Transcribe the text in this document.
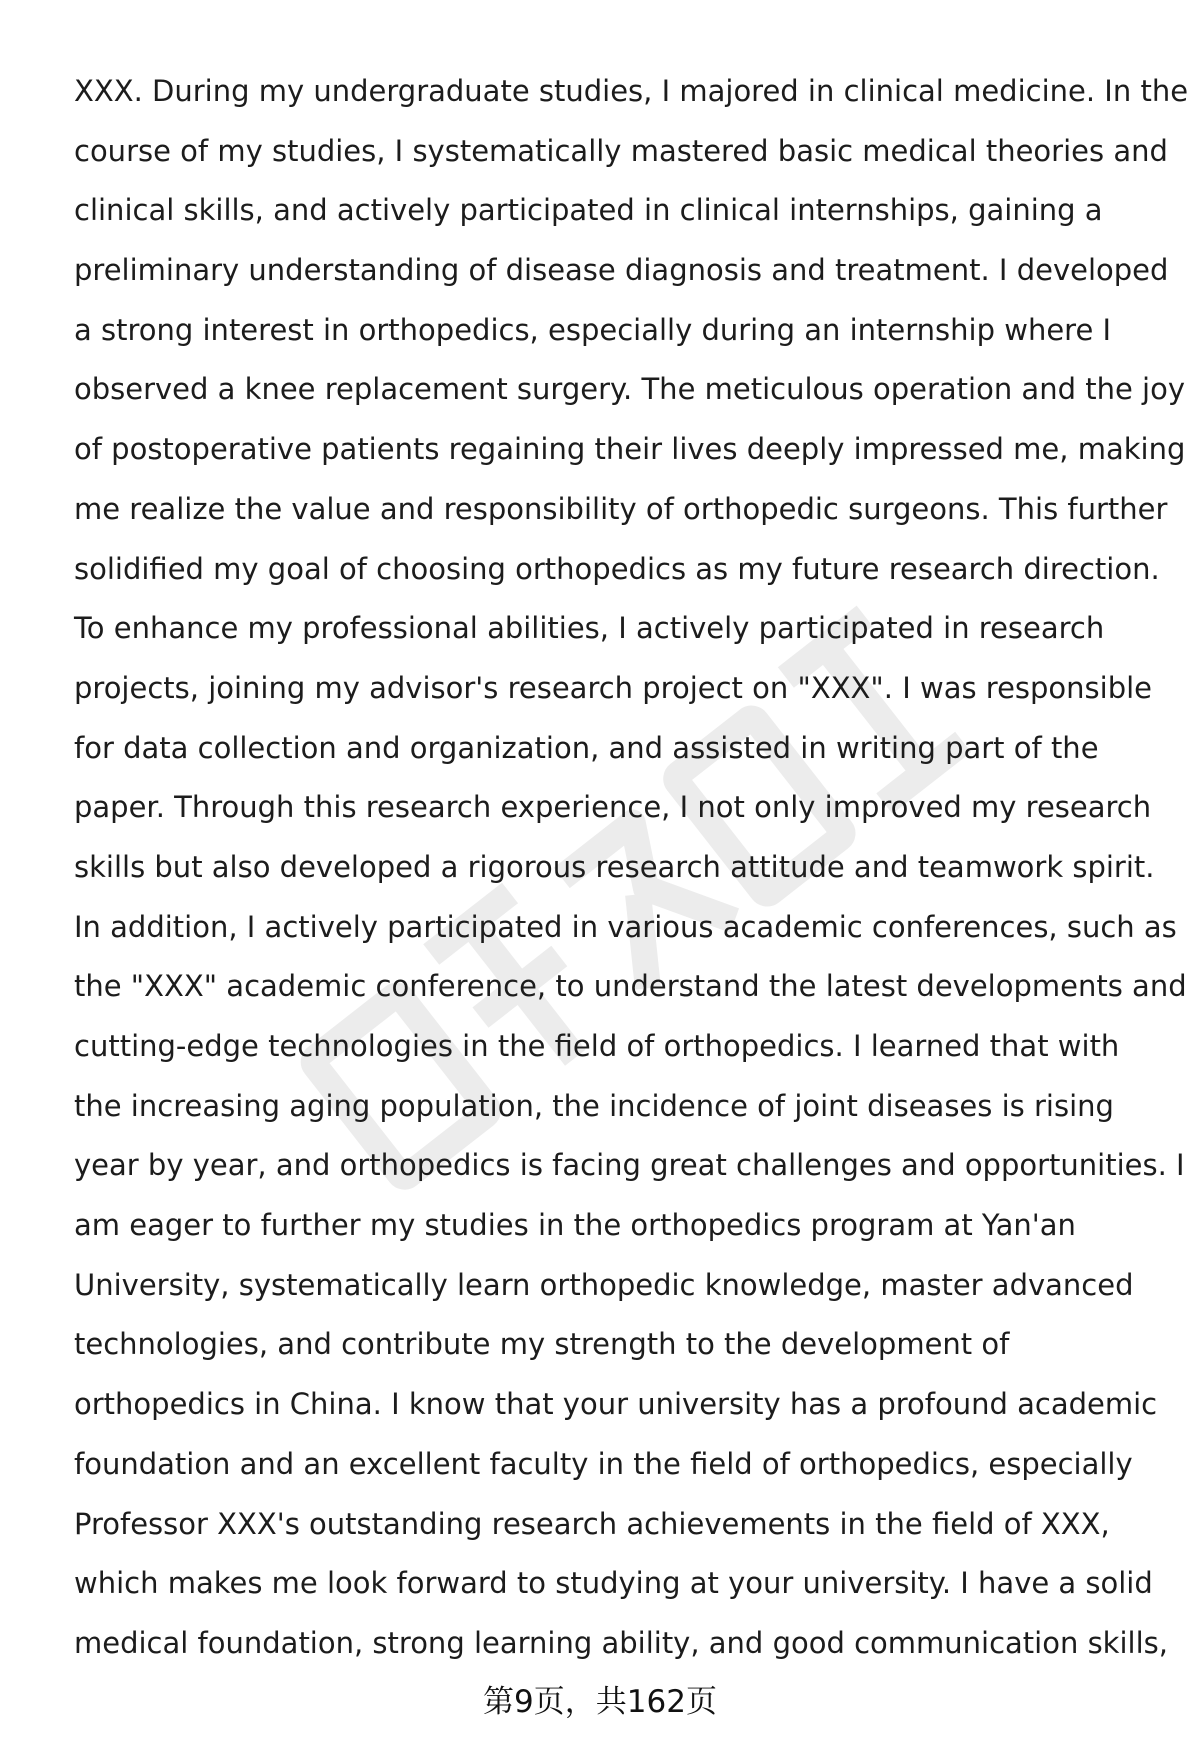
XXX. During my undergraduate studies, I majored in clinical medicine. In the
course of my studies, I systematically mastered basic medical theories and
clinical skills, and actively participated in clinical internships, gaining a
preliminary understanding of disease diagnosis and treatment. I developed
a strong interest in orthopedics, especially during an internship where I
observed a knee replacement surgery. The meticulous operation and the joy
of postoperative patients regaining their lives deeply impressed me, making
me realize the value and responsibility of orthopedic surgeons. This further
solidified my goal of choosing orthopedics as my future research direction.
To enhance my professional abilities, I actively participated in research
projects, joining my advisor's research project on "XXX". I was responsible
for data collection and organization, and assisted in writing part of the
paper. Through this research experience, I not only improved my research
skills but also developed a rigorous research attitude and teamwork spirit.
In addition, I actively participated in various academic conferences, such as
the "XXX" academic conference, to understand the latest developments and
cutting-edge technologies in the field of orthopedics. I learned that with
the increasing aging population, the incidence of joint diseases is rising
year by year, and orthopedics is facing great challenges and opportunities. I
am eager to further my studies in the orthopedics program at Yan'an
University, systematically learn orthopedic knowledge, master advanced
technologies, and contribute my strength to the development of
orthopedics in China. I know that your university has a profound academic
foundation and an excellent faculty in the field of orthopedics, especially
Professor XXX's outstanding research achievements in the field of XXX,
which makes me look forward to studying at your university. I have a solid
medical foundation, strong learning ability, and good communication skills,
第9页，共162页
